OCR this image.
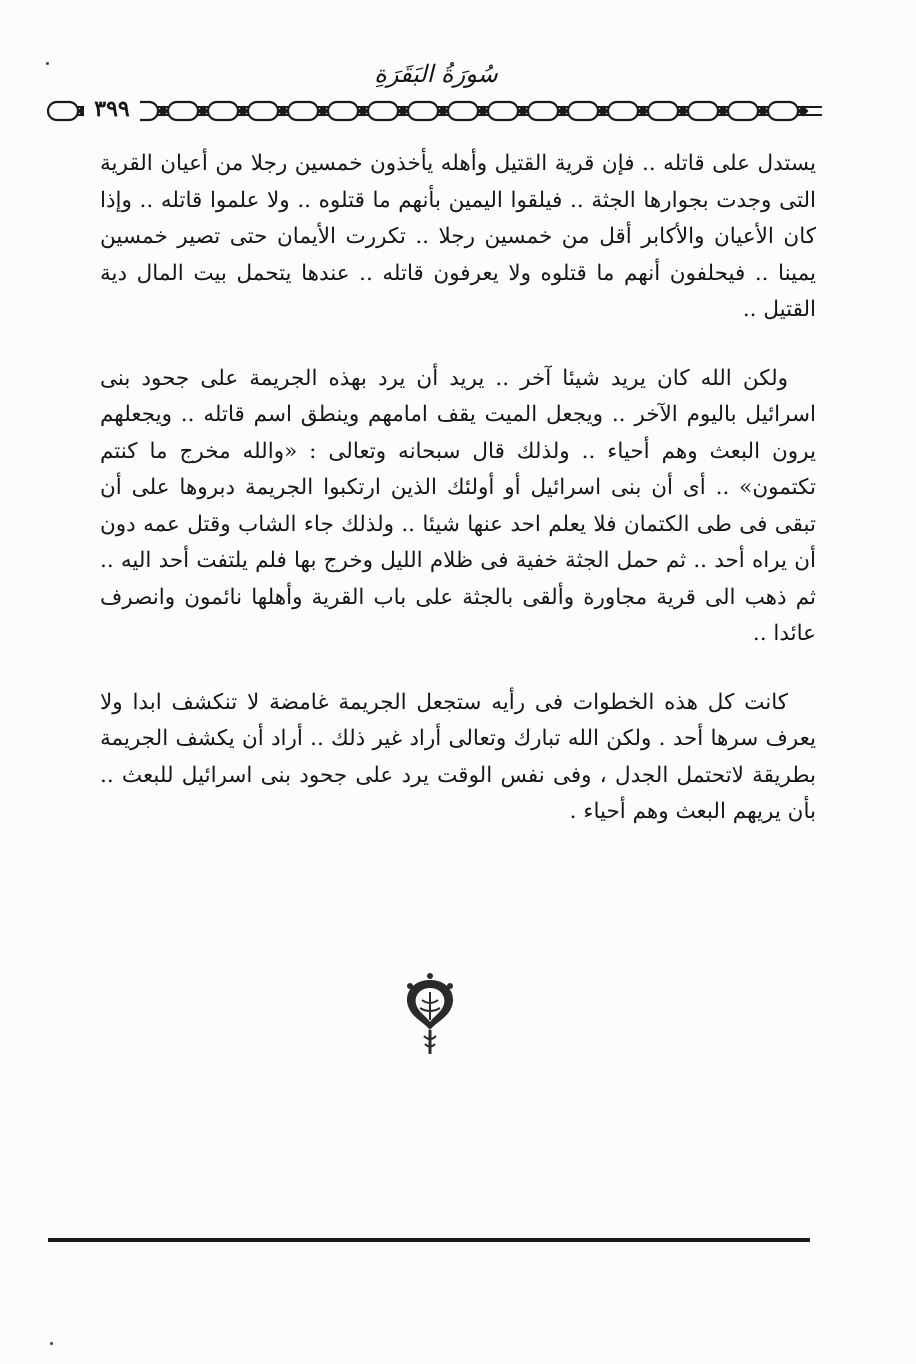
سُورَةُ البَقَرَةِ
٣٩٩

يستدل على قاتله .. فإن قرية القتيل وأهله يأخذون خمسين رجلا من أعيان القرية التى وجدت بجوارها الجثة .. فيلقوا اليمين بأنهم ما قتلوه .. ولا علموا قاتله .. وإذا كان الأعيان والأكابر أقل من خمسين رجلا .. تكررت الأيمان حتى تصير خمسين يمينا .. فيحلفون أنهم ما قتلوه ولا يعرفون قاتله .. عندها يتحمل بيت المال دية القتيل ..

ولكن الله كان يريد شيئا آخر .. يريد أن يرد بهذه الجريمة على جحود بنى اسرائيل باليوم الآخر .. ويجعل الميت يقف امامهم وينطق اسم قاتله .. ويجعلهم يرون البعث وهم أحياء .. ولذلك قال سبحانه وتعالى : «والله مخرج ما كنتم تكتمون» .. أى أن بنى اسرائيل أو أولئك الذين ارتكبوا الجريمة دبروها على أن تبقى فى طى الكتمان فلا يعلم احد عنها شيئا .. ولذلك جاء الشاب وقتل عمه دون أن يراه أحد .. ثم حمل الجثة خفية فى ظلام الليل وخرج بها فلم يلتفت أحد اليه .. ثم ذهب الى قرية مجاورة وألقى بالجثة على باب القرية وأهلها نائمون وانصرف عائدا ..

كانت كل هذه الخطوات فى رأيه ستجعل الجريمة غامضة لا تنكشف ابدا ولا يعرف سرها أحد . ولكن الله تبارك وتعالى أراد غير ذلك .. أراد أن يكشف الجريمة بطريقة لاتحتمل الجدل ، وفى نفس الوقت يرد على جحود بنى اسرائيل للبعث .. بأن يريهم البعث وهم أحياء .
